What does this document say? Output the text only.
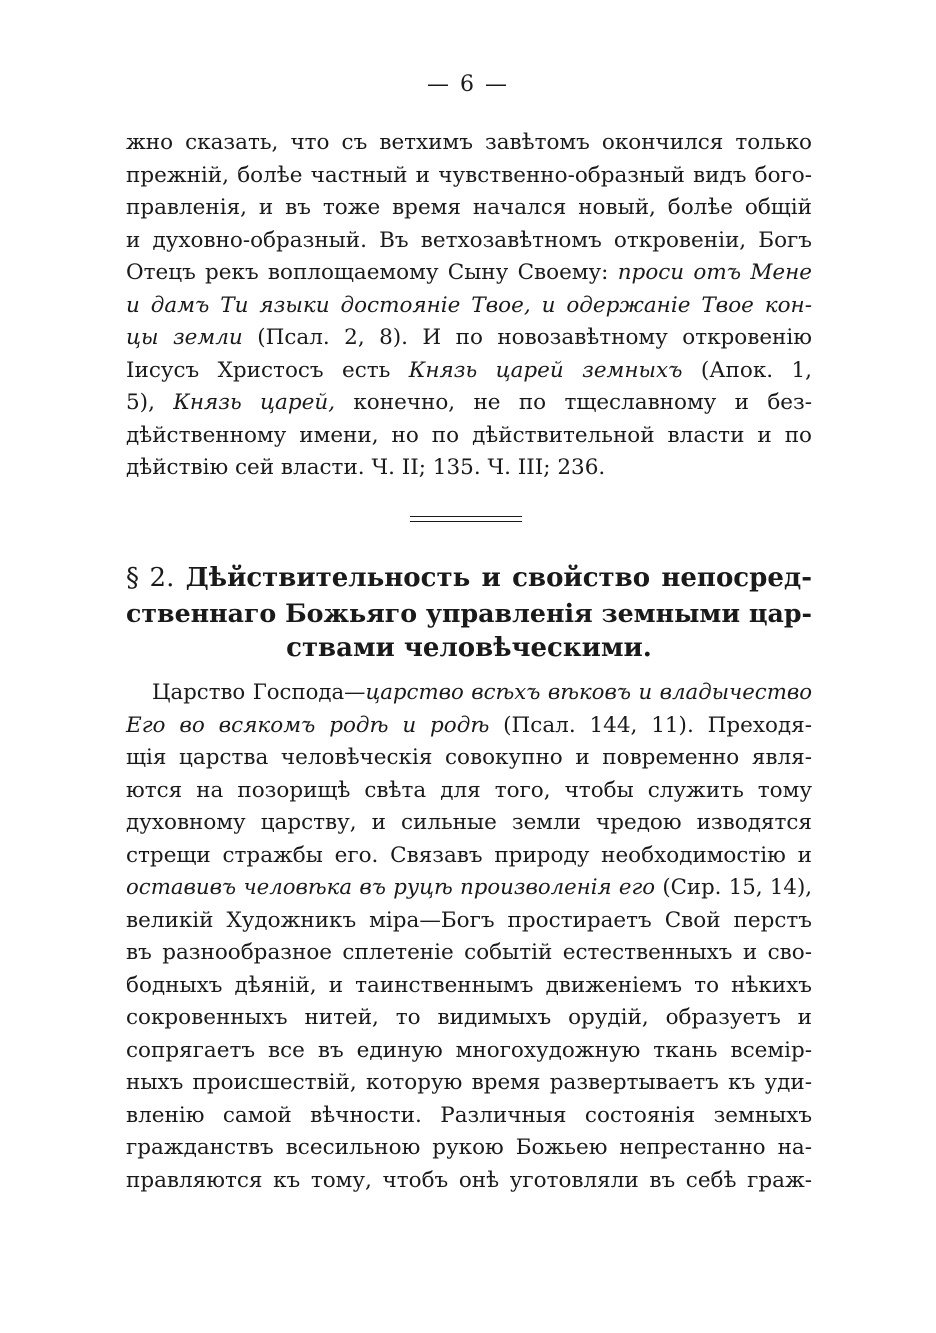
— 6 —
жно сказать, что съ ветхимъ завѣтомъ окончился только
прежній, болѣе частный и чувственно-образный видъ бого-
правленія, и въ тоже время начался новый, болѣе общій
и духовно-образный. Въ ветхозавѣтномъ откровеніи, Богъ
Отецъ рекъ воплощаемому Сыну Своему: проси отъ Мене
и дамъ Ти языки достояніе Твое, и одержаніе Твое кон-
цы земли (Псал. 2, 8). И по новозавѣтному откровенію
Іисусъ Христосъ есть Князь царей земныхъ (Апок. 1,
5), Князь царей, конечно, не по тщеславному и без-
дѣйственному имени, но по дѣйствительной власти и по
дѣйствію сей власти. Ч. II; 135. Ч. III; 236.
§ 2. Дѣйствительность и свойство непосред-
ственнаго Божьяго управленія земными цар-
ствами человѣческими.
Царство Господа—царство всѣхъ вѣковъ и владычество
Его во всякомъ родѣ и родѣ (Псал. 144, 11). Преходя-
щія царства человѣческія совокупно и повременно явля-
ются на позорищѣ свѣта для того, чтобы служить тому
духовному царству, и сильные земли чредою изводятся
стрещи стражбы его. Связавъ природу необходимостію и
оставивъ человѣка въ руцѣ произволенія его (Сир. 15, 14),
великій Художникъ міра—Богъ простираетъ Свой перстъ
въ разнообразное сплетеніе событій естественныхъ и сво-
бодныхъ дѣяній, и таинственнымъ движеніемъ то нѣкихъ
сокровенныхъ нитей, то видимыхъ орудій, образуетъ и
сопрягаетъ все въ единую многохудожную ткань всемір-
ныхъ происшествій, которую время развертываетъ къ уди-
вленію самой вѣчности. Различныя состоянія земныхъ
гражданствъ всесильною рукою Божьею непрестанно на-
правляются къ тому, чтобъ онѣ уготовляли въ себѣ граж-
